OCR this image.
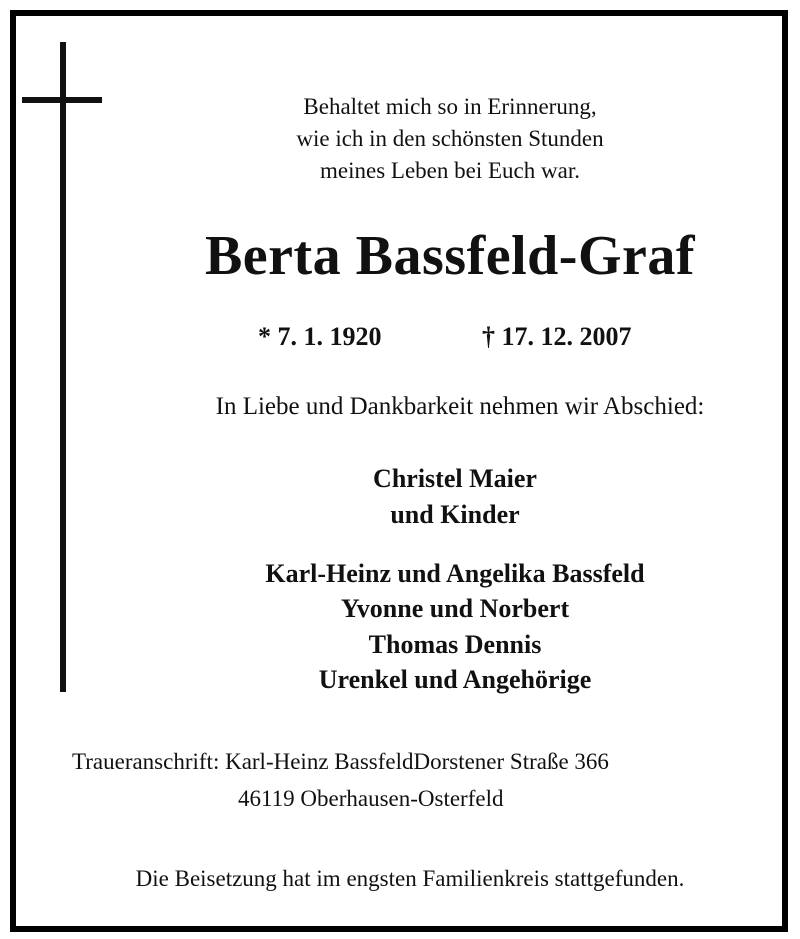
Behaltet mich so in Erinnerung,
wie ich in den schönsten Stunden
meines Leben bei Euch war.
Berta Bassfeld-Graf
* 7. 1. 1920	† 17. 12. 2007
In Liebe und Dankbarkeit nehmen wir Abschied:
Christel Maier
und Kinder
Karl-Heinz und Angelika Bassfeld
Yvonne und Norbert
Thomas Dennis
Urenkel und Angehörige
Traueranschrift: Karl-Heinz BassfeldDorstener Straße 366
46119 Oberhausen-Osterfeld
Die Beisetzung hat im engsten Familienkreis stattgefunden.
